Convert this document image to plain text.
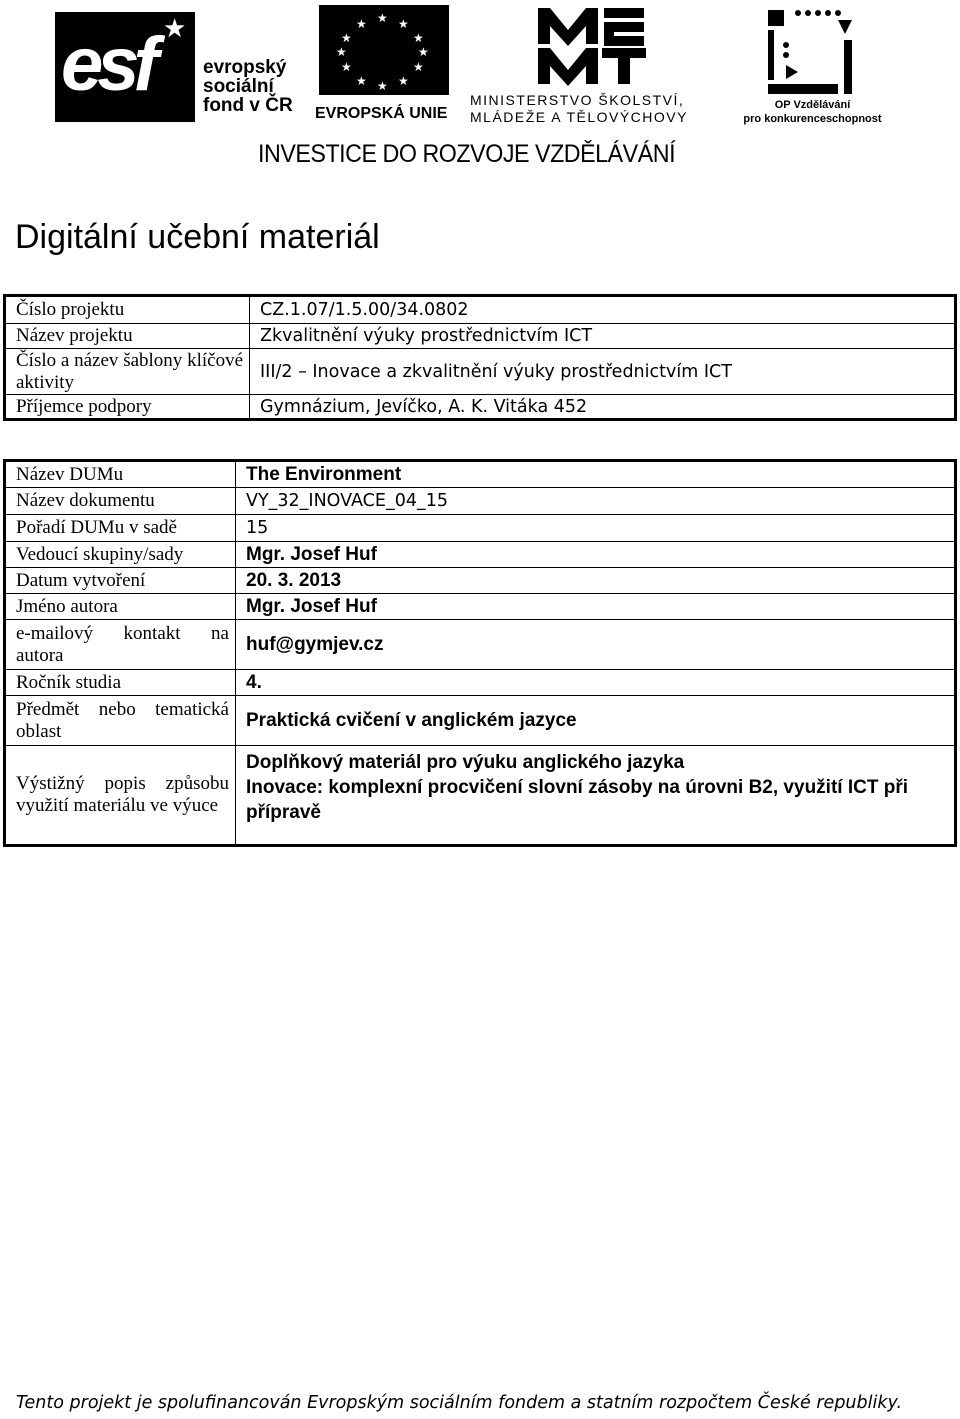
esf ★
evropský
sociální
fond v ČR
★ ★
★
★
★
★
★
★
★
★
★
★
EVROPSKÁ UNIE
MINISTERSTVO ŠKOLSTVÍ,
MLÁDEŽE A TĚLOVÝCHOVY
OP Vzdělávání
pro konkurenceschopnost
INVESTICE DO ROZVOJE VZDĚLÁVÁNÍ
Digitální učební materiál
Číslo projektu	CZ.1.07/1.5.00/34.0802
Název projektu	Zkvalitnění výuky prostřednictvím ICT
Číslo a název šablony klíčové aktivity	III/2 – Inovace a zkvalitnění výuky prostřednictvím ICT
Příjemce podpory	Gymnázium, Jevíčko, A. K. Vitáka 452
Název DUMu	The Environment
Název dokumentu	VY_32_INOVACE_04_15
Pořadí DUMu v sadě	15
Vedoucí skupiny/sady	Mgr. Josef Huf
Datum vytvoření	20. 3. 2013
Jméno autora	Mgr. Josef Huf
e-mailový kontakt na autora	huf@gymjev.cz
Ročník studia	4.
Předmět nebo tematická oblast	Praktická cvičení v anglickém jazyce
Výstižný popis způsobu využití materiálu ve výuce	Doplňkový materiál pro výuku anglického jazyka
Inovace: komplexní procvičení slovní zásoby na úrovni B2, využití ICT při přípravě
Tento projekt je spolufinancován Evropským sociálním fondem a statním rozpočtem České republiky.
